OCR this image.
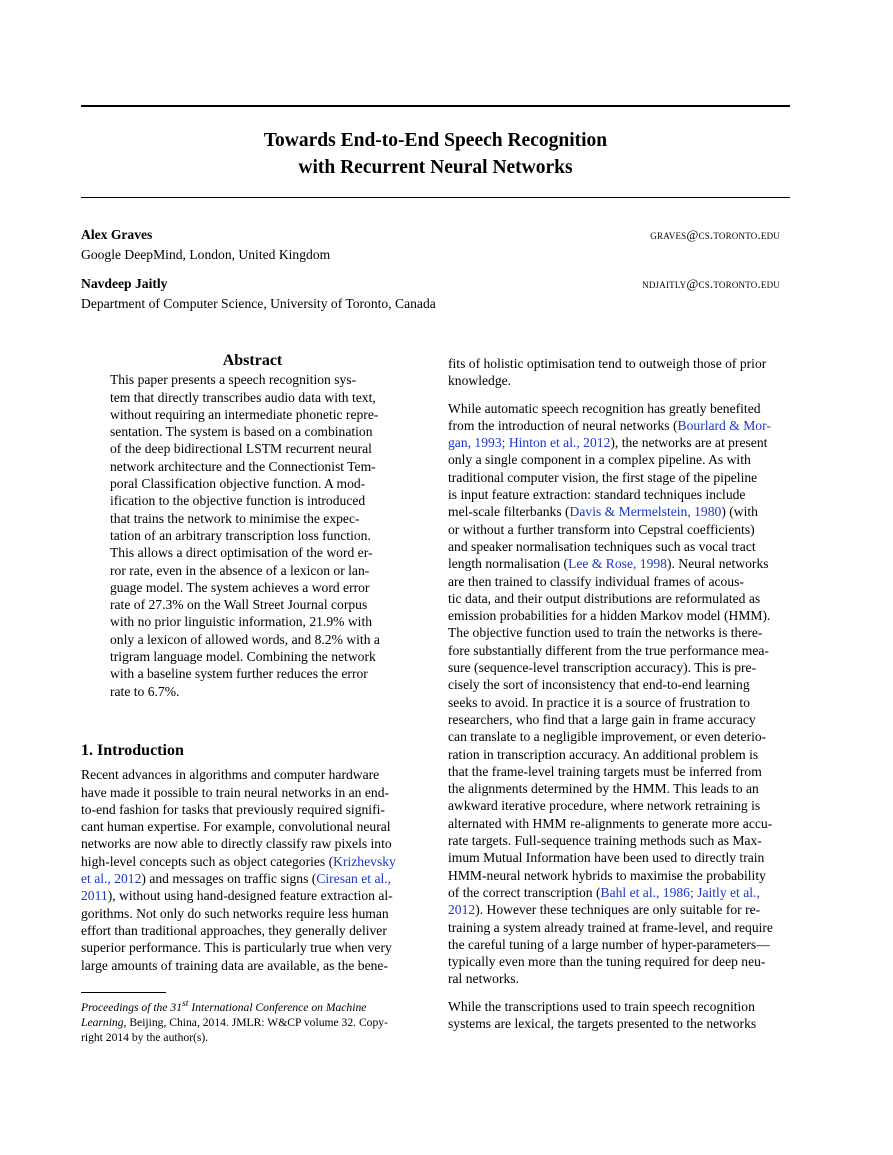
Towards End-to-End Speech Recognition
with Recurrent Neural Networks
Alex Graves
Google DeepMind, London, United Kingdom
graves@cs.toronto.edu
Navdeep Jaitly
Department of Computer Science, University of Toronto, Canada
ndjaitly@cs.toronto.edu
Abstract
This paper presents a speech recognition sys-
tem that directly transcribes audio data with text,
without requiring an intermediate phonetic repre-
sentation. The system is based on a combination
of the deep bidirectional LSTM recurrent neural
network architecture and the Connectionist Tem-
poral Classification objective function. A mod-
ification to the objective function is introduced
that trains the network to minimise the expec-
tation of an arbitrary transcription loss function.
This allows a direct optimisation of the word er-
ror rate, even in the absence of a lexicon or lan-
guage model. The system achieves a word error
rate of 27.3% on the Wall Street Journal corpus
with no prior linguistic information, 21.9% with
only a lexicon of allowed words, and 8.2% with a
trigram language model. Combining the network
with a baseline system further reduces the error
rate to 6.7%.
1. Introduction

Recent advances in algorithms and computer hardware
have made it possible to train neural networks in an end-
to-end fashion for tasks that previously required signifi-
cant human expertise. For example, convolutional neural
networks are now able to directly classify raw pixels into
high-level concepts such as object categories (Krizhevsky
et al., 2012) and messages on traffic signs (Ciresan et al.,
2011), without using hand-designed feature extraction al-
gorithms. Not only do such networks require less human
effort than traditional approaches, they generally deliver
superior performance. This is particularly true when very
large amounts of training data are available, as the bene-

Proceedings of the 31st International Conference on Machine
Learning, Beijing, China, 2014. JMLR: W&CP volume 32. Copy-
right 2014 by the author(s).

fits of holistic optimisation tend to outweigh those of prior
knowledge.

While automatic speech recognition has greatly benefited
from the introduction of neural networks (Bourlard & Mor-
gan, 1993; Hinton et al., 2012), the networks are at present
only a single component in a complex pipeline. As with
traditional computer vision, the first stage of the pipeline
is input feature extraction: standard techniques include
mel-scale filterbanks (Davis & Mermelstein, 1980) (with
or without a further transform into Cepstral coefficients)
and speaker normalisation techniques such as vocal tract
length normalisation (Lee & Rose, 1998). Neural networks
are then trained to classify individual frames of acous-
tic data, and their output distributions are reformulated as
emission probabilities for a hidden Markov model (HMM).
The objective function used to train the networks is there-
fore substantially different from the true performance mea-
sure (sequence-level transcription accuracy). This is pre-
cisely the sort of inconsistency that end-to-end learning
seeks to avoid. In practice it is a source of frustration to
researchers, who find that a large gain in frame accuracy
can translate to a negligible improvement, or even deterio-
ration in transcription accuracy. An additional problem is
that the frame-level training targets must be inferred from
the alignments determined by the HMM. This leads to an
awkward iterative procedure, where network retraining is
alternated with HMM re-alignments to generate more accu-
rate targets. Full-sequence training methods such as Max-
imum Mutual Information have been used to directly train
HMM-neural network hybrids to maximise the probability
of the correct transcription (Bahl et al., 1986; Jaitly et al.,
2012). However these techniques are only suitable for re-
training a system already trained at frame-level, and require
the careful tuning of a large number of hyper-parameters—
typically even more than the tuning required for deep neu-
ral networks.

While the transcriptions used to train speech recognition
systems are lexical, the targets presented to the networks
